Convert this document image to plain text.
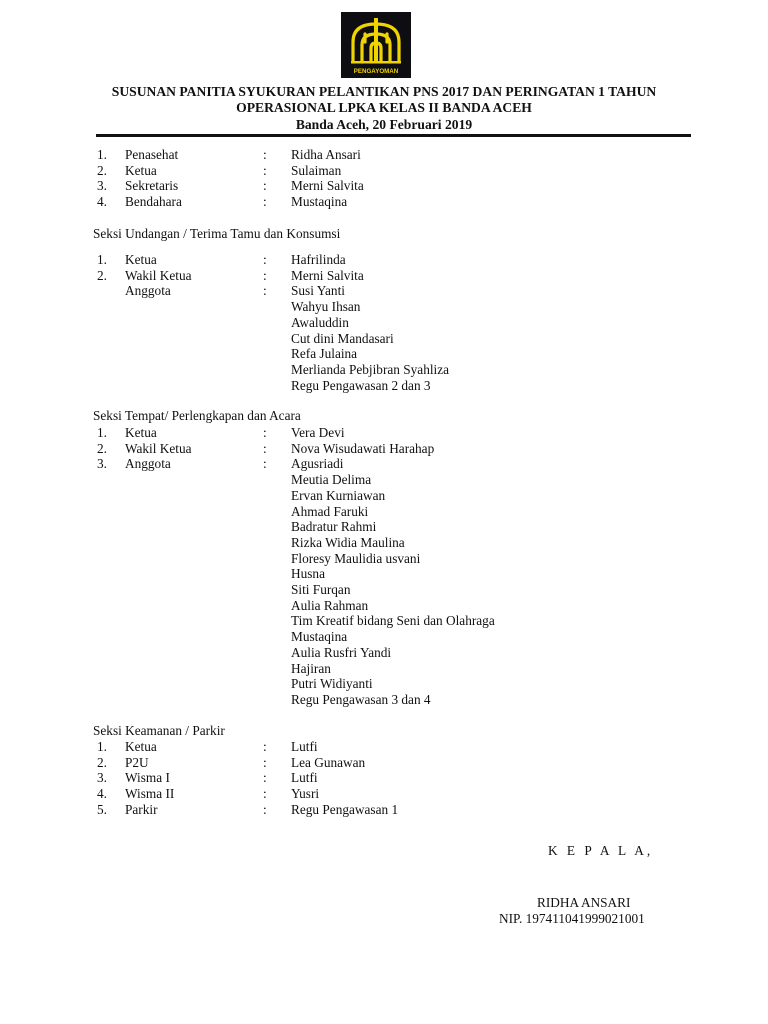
PENGAYOMAN
SUSUNAN PANITIA SYUKURAN PELANTIKAN PNS 2017 DAN PERINGATAN 1 TAHUN
OPERASIONAL LPKA KELAS II BANDA ACEH
Banda Aceh, 20 Februari 2019
1.	Penasehat	: Ridha Ansari
2.	Ketua	: Sulaiman
3.	Sekretaris	: Merni Salvita
4.	Bendahara	: Mustaqina
Seksi Undangan / Terima Tamu dan Konsumsi
1.	Ketua	: Hafrilinda
2.	Wakil Ketua	: Merni Salvita
Anggota	: Susi Yanti
Wahyu Ihsan
Awaluddin
Cut dini Mandasari
Refa Julaina
Merlianda Pebjibran Syahliza
Regu Pengawasan 2 dan 3
Seksi Tempat/ Perlengkapan dan Acara
1.	Ketua	: Vera Devi
2.	Wakil Ketua	: Nova Wisudawati Harahap
3.	Anggota	: Agusriadi
Meutia Delima
Ervan Kurniawan
Ahmad Faruki
Badratur Rahmi
Rizka Widia Maulina
Floresy Maulidia usvani
Husna
Siti Furqan
Aulia Rahman
Tim Kreatif bidang Seni dan Olahraga
Mustaqina
Aulia Rusfri Yandi
Hajiran
Putri Widiyanti
Regu Pengawasan 3 dan 4
Seksi Keamanan / Parkir
1.	Ketua	: Lutfi
2.	P2U	: Lea Gunawan
3.	Wisma I	: Lutfi
4.	Wisma II	: Yusri
5.	Parkir	: Regu Pengawasan 1
K E P A L A,
RIDHA ANSARI
NIP. 197411041999021001
